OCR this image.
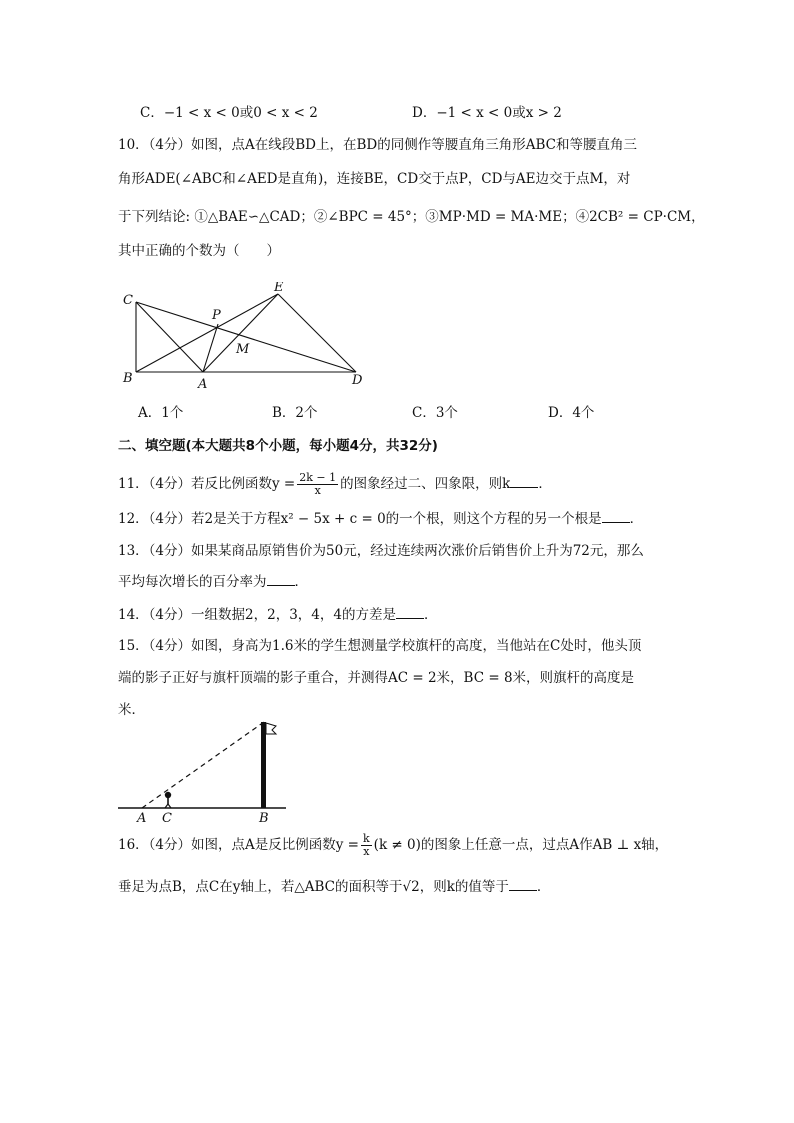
C．−1 < x < 0或0 < x < 2	D．−1 < x < 0或x > 2
10．（4分）如图，点A在线段BD上，在BD的同侧作等腰直角三角形ABC和等腰直角三
角形ADE(∠ABC和∠AED是直角)，连接BE，CD交于点P，CD与AE边交于点M，对
于下列结论: ①△BAE∽△CAD；②∠BPC = 45°；③MP·MD = MA·ME；④2CB² = CP·CM，
其中正确的个数为（　　）
C
E
P
M
B	A	D
A．1个	B．2个	C．3个	D．4个
二、填空题(本大题共8个小题，每小题4分，共32分)
11．（4分）若反比例函数$y = \frac{2k - 1}{x}$ 的图象经过二、四象限，则k ．
12．（4分）若2是关于方程x² − 5x + c = 0的一个根，则这个方程的另一个根是 ．
13．（4分）如果某商品原销售价为50元，经过连续两次涨价后销售价上升为72元，那么
平均每次增长的百分率为 ．
14．（4分）一组数据2，2，3，4，4的方差是 ．
15．（4分）如图，身高为1.6米的学生想测量学校旗杆的高度，当他站在C处时，他头顶
端的影子正好与旗杆顶端的影子重合，并测得AC = 2米，BC = 8米，则旗杆的高度是
米．
A C	B
16．（4分）如图，点A是反比例函数$y = \frac{k}{x} (k \ne 0)$的图象上任意一点，过点A作AB ⊥ x轴，
垂足为点B，点C在y轴上，若△ABC的面积等于√2，则k的值等于 ．
